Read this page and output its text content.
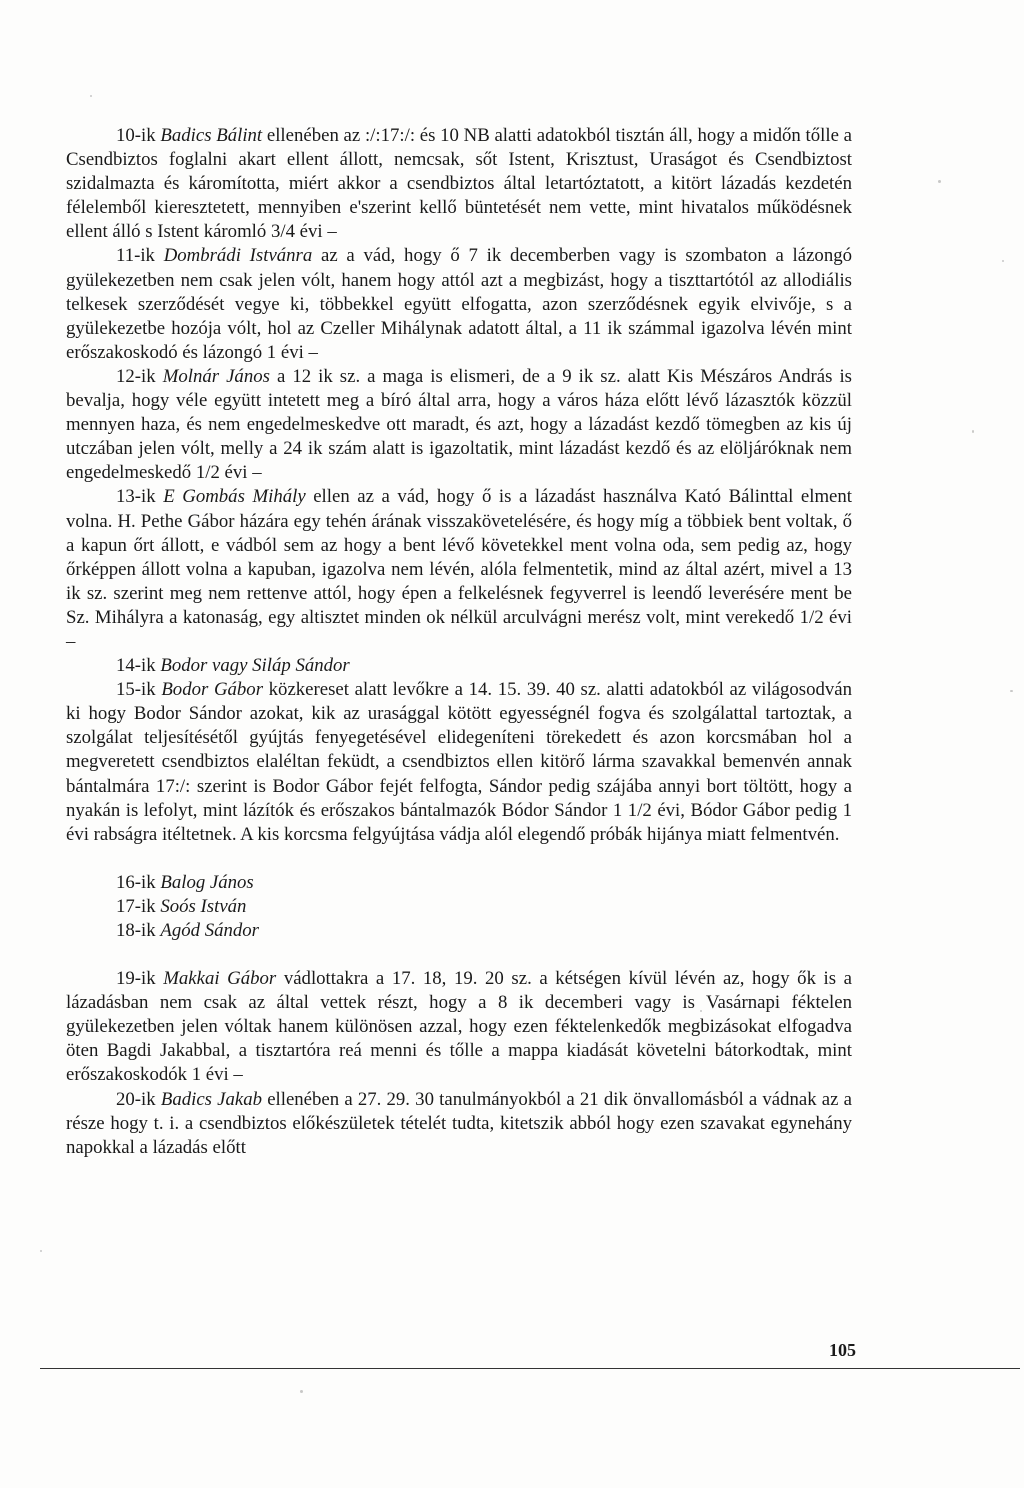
10-ik Badics Bálint ellenében az :/:17:/: és 10 NB alatti adatokból tisztán áll, hogy a midőn tőlle a Csendbiztos foglalni akart ellent állott, nemcsak, sőt Istent, Krisztust, Uraságot és Csendbiztost szidalmazta és káromította, miért akkor a csendbiztos által letartóztatott, a kitört lázadás kezdetén félelemből kieresztetett, mennyiben e'szerint kellő büntetését nem vette, mint hivatalos működésnek ellent álló s Istent káromló 3/4 évi –

11-ik Dombrádi Istvánra az a vád, hogy ő 7 ik decemberben vagy is szombaton a lázongó gyülekezetben nem csak jelen vólt, hanem hogy attól azt a megbizást, hogy a tiszttartótól az allodiális telkesek szerződését vegye ki, többekkel együtt elfogatta, azon szerződésnek egyik elvivője, s a gyülekezetbe hozója vólt, hol az Czeller Mihálynak adatott által, a 11 ik számmal igazolva lévén mint erőszakoskodó és lázongó 1 évi –

12-ik Molnár János a 12 ik sz. a maga is elismeri, de a 9 ik sz. alatt Kis Mészáros András is bevalja, hogy véle együtt intetett meg a bíró által arra, hogy a város háza előtt lévő lázasztók közzül mennyen haza, és nem engedelmeskedve ott maradt, és azt, hogy a lázadást kezdő tömegben az kis új utczában jelen vólt, melly a 24 ik szám alatt is igazoltatik, mint lázadást kezdő és az elöljáróknak nem engedelmeskedő 1/2 évi –

13-ik E Gombás Mihály ellen az a vád, hogy ő is a lázadást használva Kató Bálinttal elment volna. H. Pethe Gábor házára egy tehén árának visszakövetelésére, és hogy míg a többiek bent voltak, ő a kapun őrt állott, e vádból sem az hogy a bent lévő követekkel ment volna oda, sem pedig az, hogy őrképpen állott volna a kapuban, igazolva nem lévén, alóla felmentetik, mind az által azért, mivel a 13 ik sz. szerint meg nem rettenve attól, hogy épen a felkelésnek fegyverrel is leendő leverésére ment be Sz. Mihályra a katonaság, egy altisztet minden ok nélkül arculvágni merész volt, mint verekedő 1/2 évi –

14-ik Bodor vagy Siláp Sándor

15-ik Bodor Gábor közkereset alatt levőkre a 14. 15. 39. 40 sz. alatti adatokból az világosodván ki hogy Bodor Sándor azokat, kik az urasággal kötött egyességnél fogva és szolgálattal tartoztak, a szolgálat teljesítésétől gyújtás fenyegetésével elidegeníteni törekedett és azon korcsmában hol a megveretett csendbiztos elaléltan feküdt, a csendbiztos ellen kitörő lárma szavakkal bemenvén annak bántalmára 17:/: szerint is Bodor Gábor fejét felfogta, Sándor pedig szájába annyi bort töltött, hogy a nyakán is lefolyt, mint lázítók és erőszakos bántalmazók Bódor Sándor 1 1/2 évi, Bódor Gábor pedig 1 évi rabságra itéltetnek. A kis korcsma felgyújtása vádja alól elegendő próbák hijánya miatt felmentvén.

16-ik Balog János
17-ik Soós István
18-ik Agód Sándor

19-ik Makkai Gábor vádlottakra a 17. 18, 19. 20 sz. a kétségen kívül lévén az, hogy ők is a lázadásban nem csak az által vettek részt, hogy a 8 ik decemberi vagy is Vasárnapi féktelen gyülekezetben jelen vóltak hanem különösen azzal, hogy ezen féktelenkedők megbizásokat elfogadva öten Bagdi Jakabbal, a tisztartóra reá menni és tőlle a mappa kiadását követelni bátorkodtak, mint erőszakoskodók 1 évi –

20-ik Badics Jakab ellenében a 27. 29. 30 tanulmányokból a 21 dik önvallomásból a vádnak az a része hogy t. i. a csendbiztos előkészületek tételét tudta, kitetszik abból hogy ezen szavakat egynehány napokkal a lázadás előtt

105
